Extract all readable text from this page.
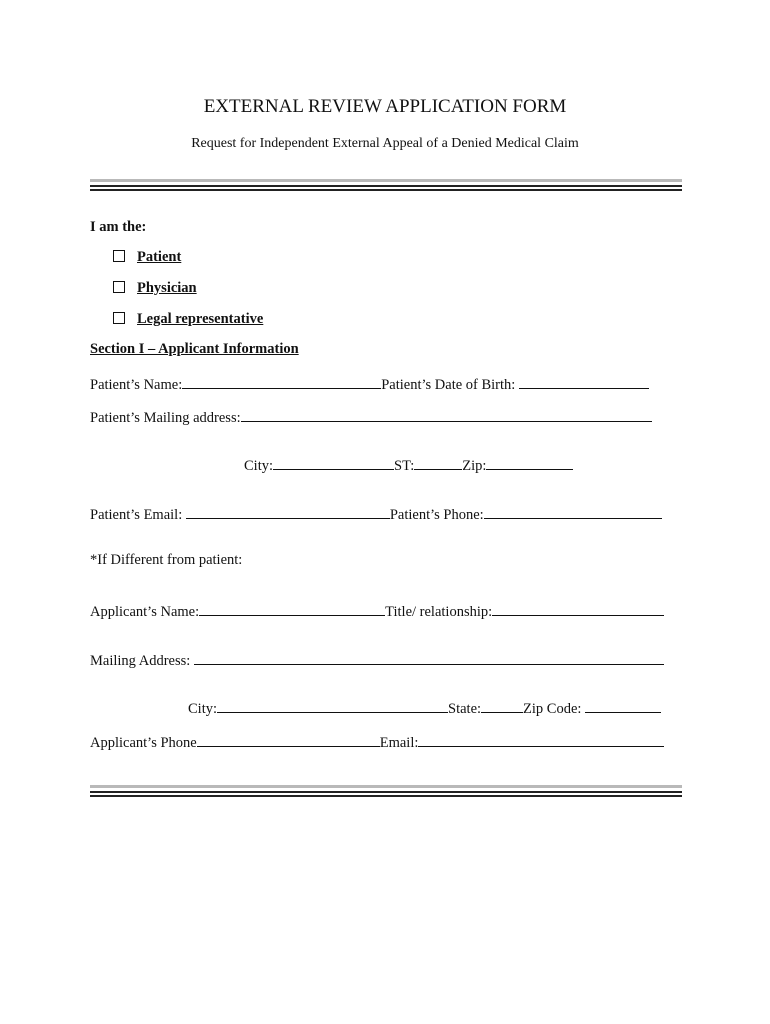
EXTERNAL REVIEW APPLICATION FORM
Request for Independent External Appeal of a Denied Medical Claim
I am the:
Patient
Physician
Legal representative
Section I – Applicant Information
Patient’s Name:	Patient’s Date of Birth:
Patient’s Mailing address:
City:	ST:	Zip:
Patient’s Email:	Patient’s Phone:
*If Different from patient:
Applicant’s Name:	Title/ relationship:
Mailing Address:
City:	State:	Zip Code:
Applicant’s Phone	Email:
